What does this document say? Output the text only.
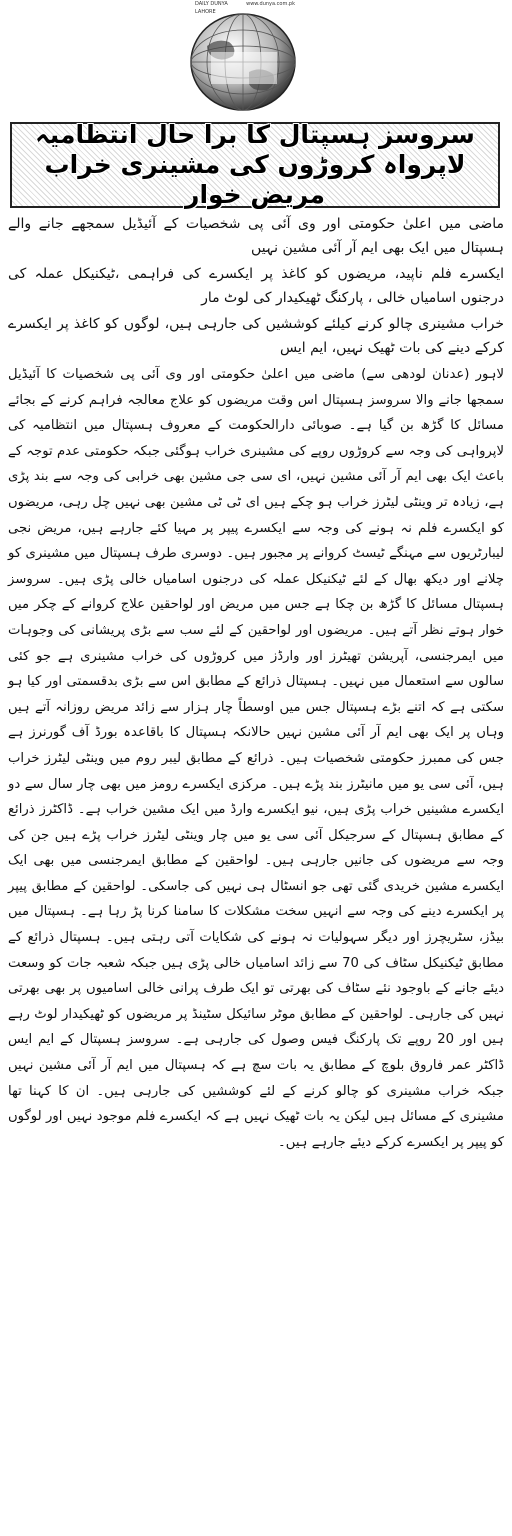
DAILY DUNYA LAHORE
www.dunya.com.pk
سروسز ہسپتال کا برا حال انتظامیہ لاپرواہ کروڑوں کی مشینری خراب مریض خوار

ماضی میں اعلیٰ حکومتی اور وی آئی پی شخصیات کے آئیڈیل سمجھے جانے والے ہسپتال میں ایک بھی ایم آر آئی مشین نہیں

ایکسرے فلم ناپید، مریضوں کو کاغذ پر ایکسرے کی فراہمی ،ٹیکنیکل عملہ کی درجنوں اسامیاں خالی ، پارکنگ ٹھیکیدار کی لوٹ مار

خراب مشینری چالو کرنے کیلئے کوششیں کی جارہی ہیں، لوگوں کو کاغذ پر ایکسرے کرکے دینے کی بات ٹھیک نہیں، ایم ایس

لاہور (عدنان لودھی سے) ماضی میں اعلیٰ حکومتی اور وی آئی پی شخصیات کا آئیڈیل سمجھا جانے والا سروسز ہسپتال اس وقت مریضوں کو علاج معالجہ فراہم کرنے کے بجائے مسائل کا گڑھ بن گیا ہے۔ صوبائی دارالحکومت کے معروف ہسپتال میں انتظامیہ کی لاپرواہی کی وجہ سے کروڑوں روپے کی مشینری خراب ہوگئی جبکہ حکومتی عدم توجہ کے باعث ایک بھی ایم آر آئی مشین نہیں، ای سی جی مشین بھی خرابی کی وجہ سے بند پڑی ہے، زیادہ تر وینٹی لیٹرز خراب ہو چکے ہیں ای ٹی ٹی مشین بھی نہیں چل رہی، مریضوں کو ایکسرے فلم نہ ہونے کی وجہ سے ایکسرے پیپر پر مہیا کئے جارہے ہیں، مریض نجی لیبارٹریوں سے مہنگے ٹیسٹ کروانے پر مجبور ہیں۔ دوسری طرف ہسپتال میں مشینری کو چلانے اور دیکھ بھال کے لئے ٹیکنیکل عملہ کی درجنوں اسامیاں خالی پڑی ہیں۔ سروسز ہسپتال مسائل کا گڑھ بن چکا ہے جس میں مریض اور لواحقین علاج کروانے کے چکر میں خوار ہوتے نظر آتے ہیں۔ مریضوں اور لواحقین کے لئے سب سے بڑی پریشانی کی وجوہات میں ایمرجنسی، آپریشن تھیٹرز اور وارڈز میں کروڑوں کی خراب مشینری ہے جو کئی سالوں سے استعمال میں نہیں۔ ہسپتال ذرائع کے مطابق اس سے بڑی بدقسمتی اور کیا ہو سکتی ہے کہ اتنے بڑے ہسپتال جس میں اوسطاً چار ہزار سے زائد مریض روزانہ آتے ہیں وہاں پر ایک بھی ایم آر آئی مشین نہیں حالانکہ ہسپتال کا باقاعدہ بورڈ آف گورنرز ہے جس کی ممبرز حکومتی شخصیات ہیں۔ ذرائع کے مطابق لیبر روم میں وینٹی لیٹرز خراب ہیں، آئی سی یو میں مانیٹرز بند پڑے ہیں۔ مرکزی ایکسرے رومز میں بھی چار سال سے دو ایکسرے مشینیں خراب پڑی ہیں، نیو ایکسرے وارڈ میں ایک مشین خراب ہے۔ ڈاکٹرز ذرائع کے مطابق ہسپتال کے سرجیکل آئی سی یو میں چار وینٹی لیٹرز خراب پڑے ہیں جن کی وجہ سے مریضوں کی جانیں جارہی ہیں۔ لواحقین کے مطابق ایمرجنسی میں بھی ایک ایکسرے مشین خریدی گئی تھی جو انسٹال ہی نہیں کی جاسکی۔ لواحقین کے مطابق پیپر پر ایکسرے دینے کی وجہ سے انہیں سخت مشکلات کا سامنا کرنا پڑ رہا ہے۔ ہسپتال میں بیڈز، سٹریچرز اور دیگر سہولیات نہ ہونے کی شکایات آتی رہتی ہیں۔ ہسپتال ذرائع کے مطابق ٹیکنیکل سٹاف کی 70 سے زائد اسامیاں خالی پڑی ہیں جبکہ شعبہ جات کو وسعت دیئے جانے کے باوجود نئے سٹاف کی بھرتی تو ایک طرف پرانی خالی اسامیوں پر بھی بھرتی نہیں کی جارہی۔ لواحقین کے مطابق موٹر سائیکل سٹینڈ پر مریضوں کو ٹھیکیدار لوٹ رہے ہیں اور 20 روپے تک پارکنگ فیس وصول کی جارہی ہے۔ سروسز ہسپتال کے ایم ایس ڈاکٹر عمر فاروق بلوچ کے مطابق یہ بات سچ ہے کہ ہسپتال میں ایم آر آئی مشین نہیں جبکہ خراب مشینری کو چالو کرنے کے لئے کوششیں کی جارہی ہیں۔ ان کا کہنا تھا مشینری کے مسائل ہیں لیکن یہ بات ٹھیک نہیں ہے کہ ایکسرے فلم موجود نہیں اور لوگوں کو پیپر پر ایکسرے کرکے دیئے جارہے ہیں۔
